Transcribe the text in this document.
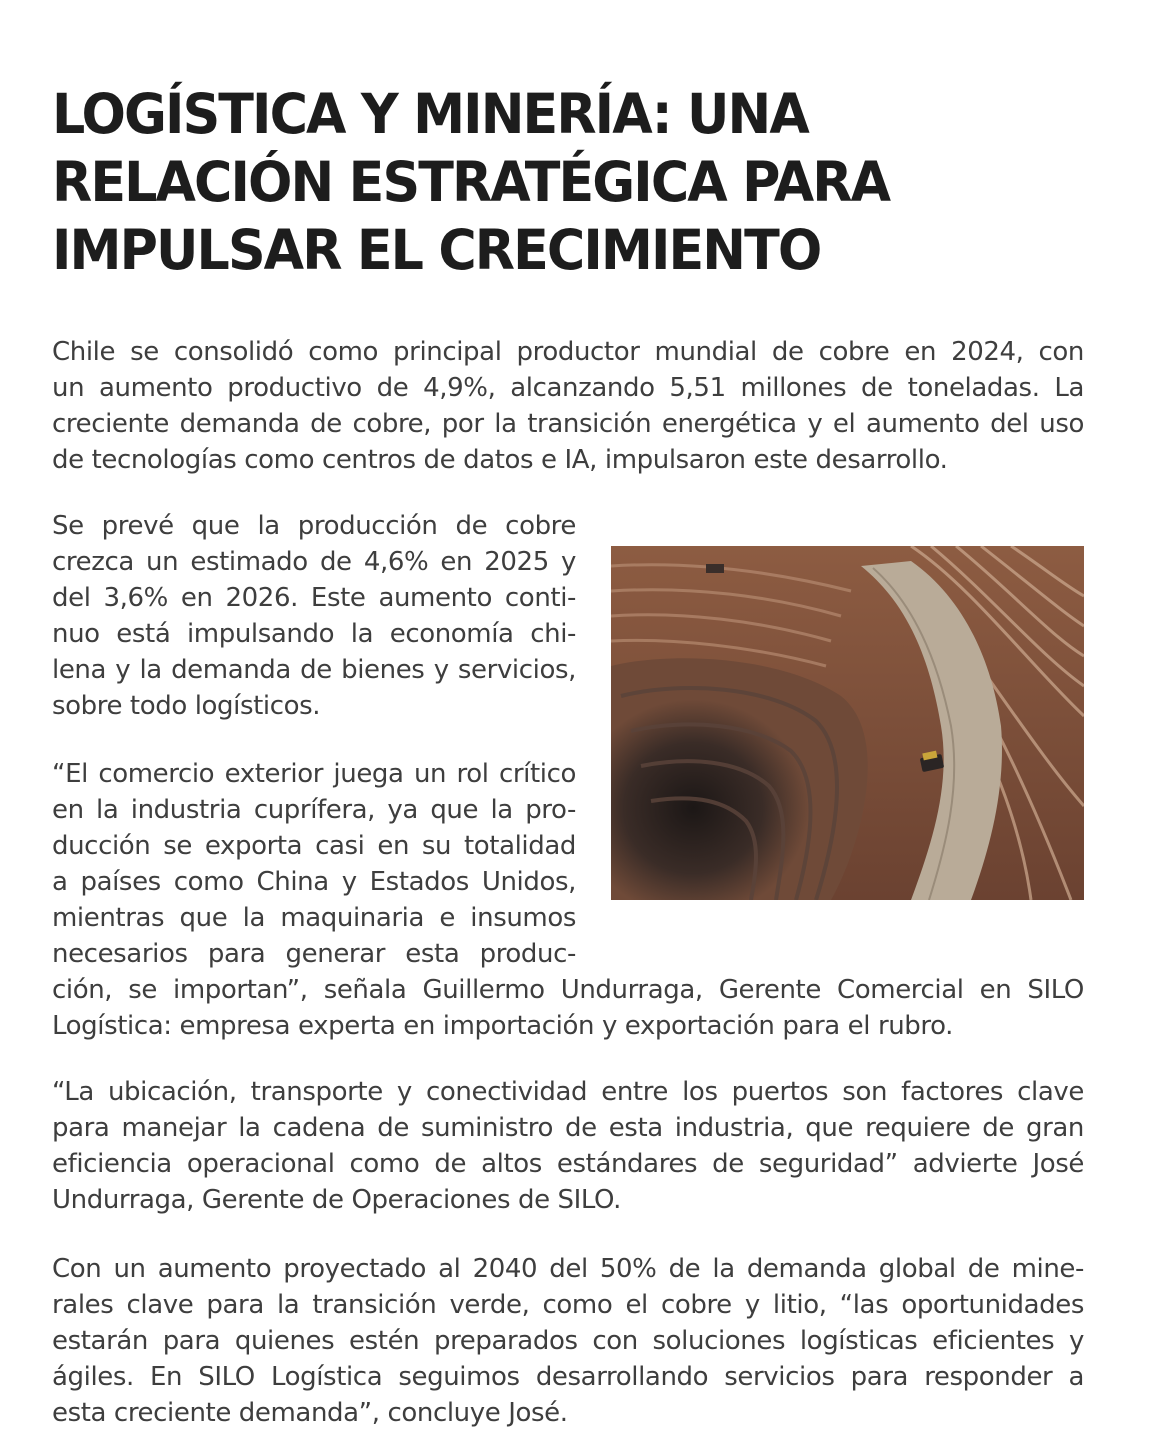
LOGÍSTICA Y MINERÍA: UNA
RELACIÓN ESTRATÉGICA PARA
IMPULSAR EL CRECIMIENTO

Chile se consolidó como principal productor mundial de cobre en 2024, con
un aumento productivo de 4,9%, alcanzando 5,51 millones de toneladas. La
creciente demanda de cobre, por la transición energética y el aumento del uso
de tecnologías como centros de datos e IA, impulsaron este desarrollo.

Se prevé que la producción de cobre
crezca un estimado de 4,6% en 2025 y
del 3,6% en 2026. Este aumento conti-
nuo está impulsando la economía chi-
lena y la demanda de bienes y servicios,
sobre todo logísticos.

“El comercio exterior juega un rol crítico
en la industria cuprífera, ya que la pro-
ducción se exporta casi en su totalidad
a países como China y Estados Unidos,
mientras que la maquinaria e insumos
necesarios para generar esta produc-
ción, se importan”, señala Guillermo Undurraga, Gerente Comercial en SILO
Logística: empresa experta en importación y exportación para el rubro.

“La ubicación, transporte y conectividad entre los puertos son factores clave
para manejar la cadena de suministro de esta industria, que requiere de gran
eficiencia operacional como de altos estándares de seguridad” advierte José
Undurraga, Gerente de Operaciones de SILO.

Con un aumento proyectado al 2040 del 50% de la demanda global de mine-
rales clave para la transición verde, como el cobre y litio, “las oportunidades
estarán para quienes estén preparados con soluciones logísticas eficientes y
ágiles. En SILO Logística seguimos desarrollando servicios para responder a
esta creciente demanda”, concluye José.
